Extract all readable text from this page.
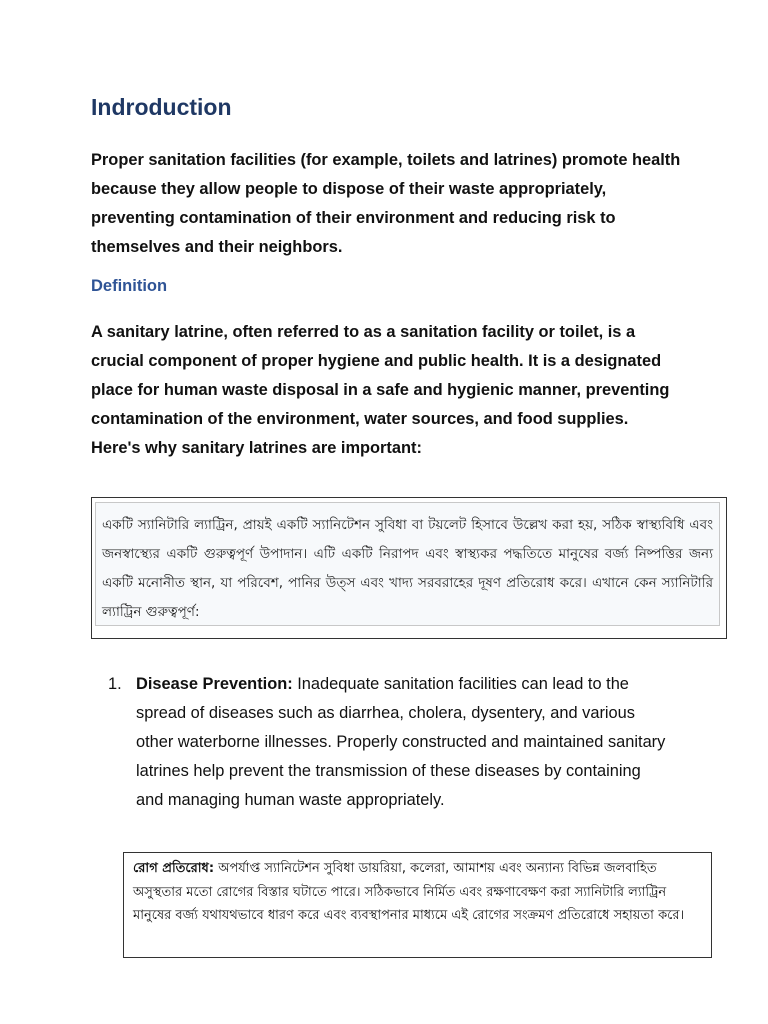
Indroduction

Proper sanitation facilities (for example, toilets and latrines) promote health because they allow people to dispose of their waste appropriately, preventing contamination of their environment and reducing risk to themselves and their neighbors.

Definition

A sanitary latrine, often referred to as a sanitation facility or toilet, is a crucial component of proper hygiene and public health. It is a designated place for human waste disposal in a safe and hygienic manner, preventing contamination of the environment, water sources, and food supplies. Here's why sanitary latrines are important:

একটি স্যানিটারি ল্যাট্রিন, প্রায়ই একটি স্যানিটেশন সুবিধা বা টয়লেট হিসাবে উল্লেখ করা হয়, সঠিক স্বাস্থ্যবিধি এবং জনস্বাস্থ্যের একটি গুরুত্বপূর্ণ উপাদান। এটি একটি নিরাপদ এবং স্বাস্থ্যকর পদ্ধতিতে মানুষের বর্জ্য নিষ্পত্তির জন্য একটি মনোনীত স্থান, যা পরিবেশ, পানির উত্স এবং খাদ্য সরবরাহের দূষণ প্রতিরোধ করে। এখানে কেন স্যানিটারি ল্যাট্রিন গুরুত্বপূর্ণ:
1. Disease Prevention: Inadequate sanitation facilities can lead to the spread of diseases such as diarrhea, cholera, dysentery, and various other waterborne illnesses. Properly constructed and maintained sanitary latrines help prevent the transmission of these diseases by containing and managing human waste appropriately.
রোগ প্রতিরোধ: অপর্যাপ্ত স্যানিটেশন সুবিধা ডায়রিয়া, কলেরা, আমাশয় এবং অন্যান্য বিভিন্ন জলবাহিত অসুস্থতার মতো রোগের বিস্তার ঘটাতে পারে। সঠিকভাবে নির্মিত এবং রক্ষণাবেক্ষণ করা স্যানিটারি ল্যাট্রিন মানুষের বর্জ্য যথাযথভাবে ধারণ করে এবং ব্যবস্থাপনার মাধ্যমে এই রোগের সংক্রমণ প্রতিরোধে সহায়তা করে।
